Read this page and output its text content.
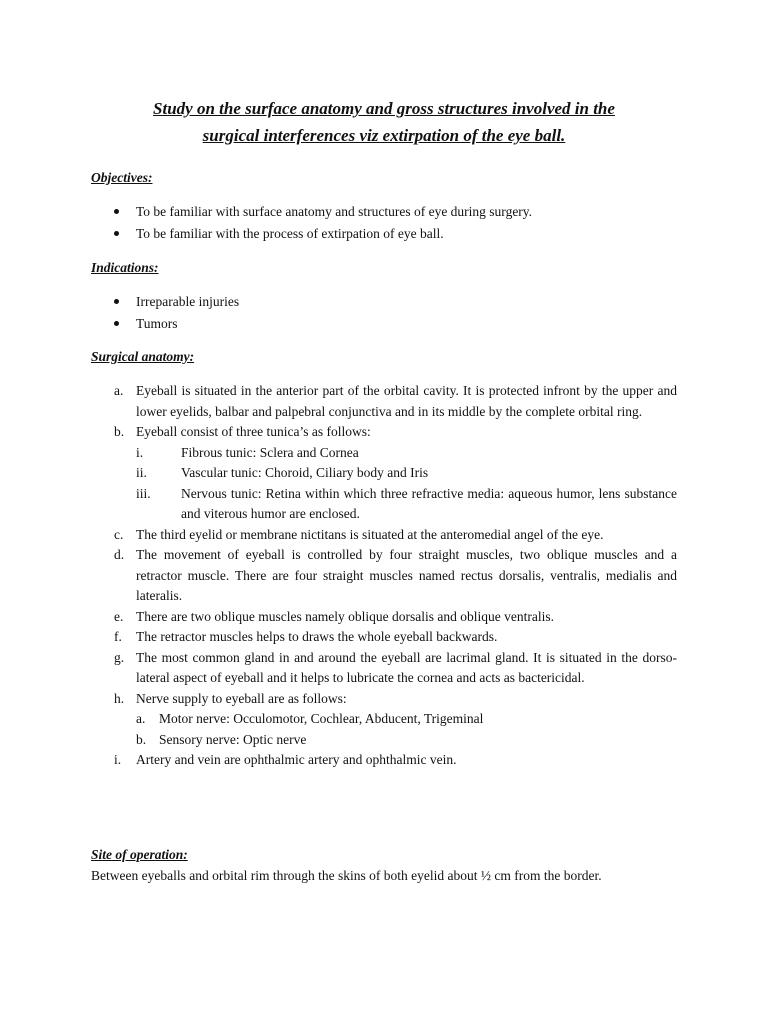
Study on the surface anatomy and gross structures involved in the
surgical interferences viz extirpation of the eye ball.
Objectives:
To be familiar with surface anatomy and structures of eye during surgery.
To be familiar with the process of extirpation of eye ball.
Indications:
Irreparable injuries
Tumors
Surgical anatomy:
a. Eyeball is situated in the anterior part of the orbital cavity. It is protected infront by the upper and lower eyelids, balbar and palpebral conjunctiva and in its middle by the complete orbital ring.
b. Eyeball consist of three tunica’s as follows:
i.	Fibrous tunic: Sclera and Cornea
ii.	Vascular tunic: Choroid, Ciliary body and Iris
iii. Nervous tunic: Retina within which three refractive media: aqueous humor, lens substance and viterous humor are enclosed.
c. The third eyelid or membrane nictitans is situated at the anteromedial angel of the eye.
d. The movement of eyeball is controlled by four straight muscles, two oblique muscles and a retractor muscle. There are four straight muscles named rectus dorsalis, ventralis, medialis and lateralis.
e. There are two oblique muscles namely oblique dorsalis and oblique ventralis.
f. The retractor muscles helps to draws the whole eyeball backwards.
g. The most common gland in and around the eyeball are lacrimal gland. It is situated in the dorso- lateral aspect of eyeball and it helps to lubricate the cornea and acts as bactericidal.
h. Nerve supply to eyeball are as follows:
a. Motor nerve: Occulomotor, Cochlear, Abducent, Trigeminal
b. Sensory nerve: Optic nerve
i. Artery and vein are ophthalmic artery and ophthalmic vein.
Site of operation:
Between eyeballs and orbital rim through the skins of both eyelid about ½ cm from the border.
